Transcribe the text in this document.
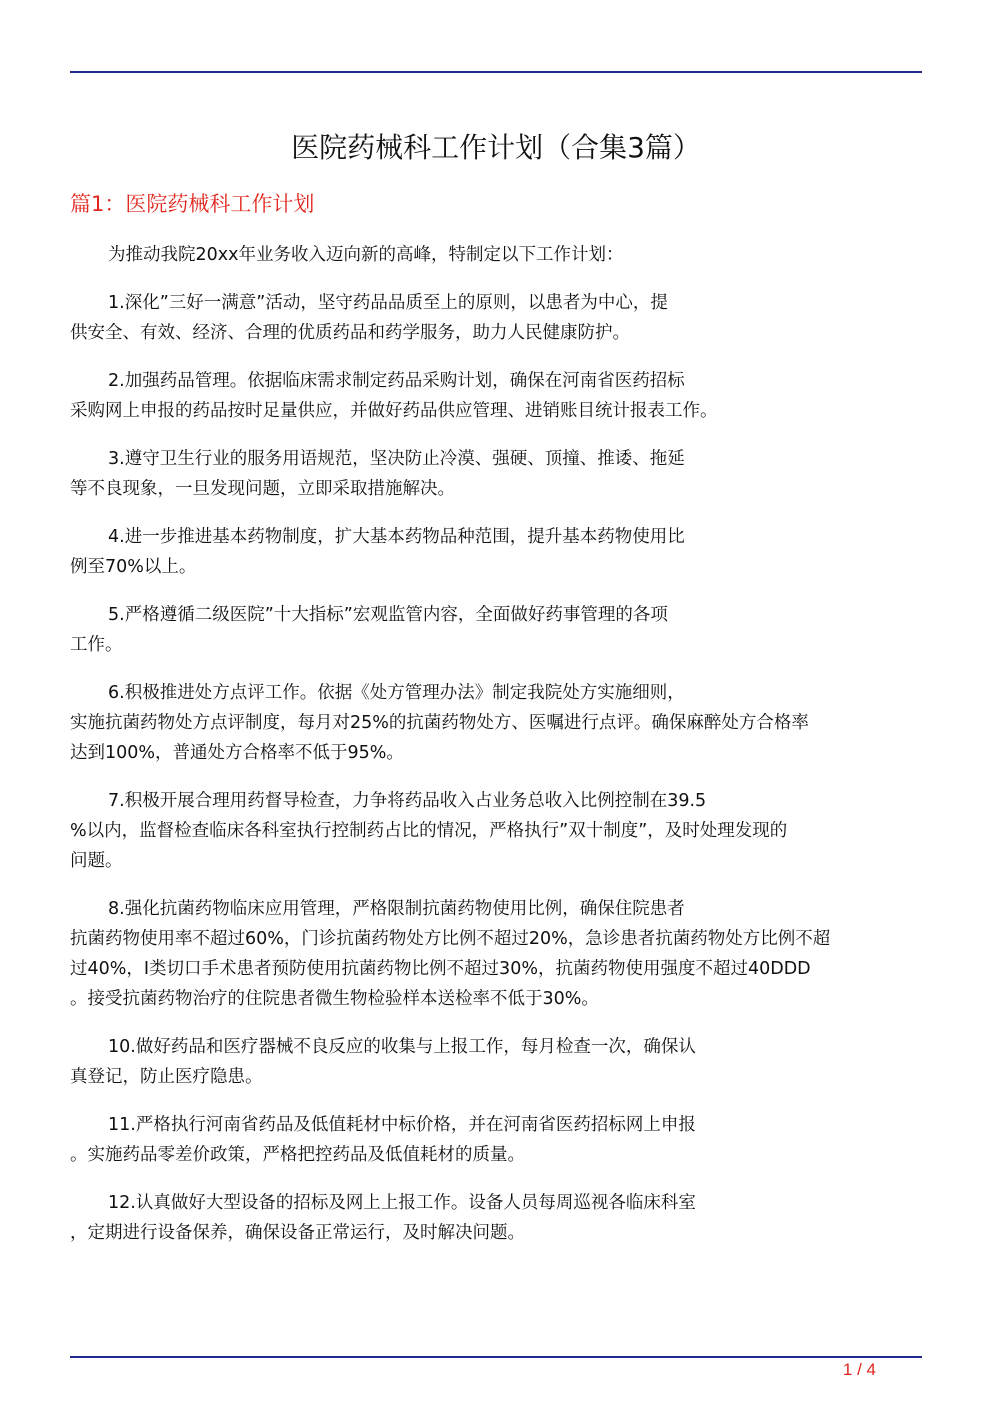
医院药械科工作计划（合集3篇）
篇1：医院药械科工作计划

为推动我院20xx年业务收入迈向新的高峰，特制定以下工作计划：

1.深化”三好一满意”活动，坚守药品品质至上的原则，以患者为中心，提
供安全、有效、经济、合理的优质药品和药学服务，助力人民健康防护。

2.加强药品管理。依据临床需求制定药品采购计划，确保在河南省医药招标
采购网上申报的药品按时足量供应，并做好药品供应管理、进销账目统计报表工作。

3.遵守卫生行业的服务用语规范，坚决防止冷漠、强硬、顶撞、推诿、拖延
等不良现象，一旦发现问题，立即采取措施解决。

4.进一步推进基本药物制度，扩大基本药物品种范围，提升基本药物使用比
例至70%以上。

5.严格遵循二级医院”十大指标”宏观监管内容，全面做好药事管理的各项
工作。

6.积极推进处方点评工作。依据《处方管理办法》制定我院处方实施细则，
实施抗菌药物处方点评制度，每月对25%的抗菌药物处方、医嘱进行点评。确保麻醉处方合格率
达到100%，普通处方合格率不低于95%。

7.积极开展合理用药督导检查，力争将药品收入占业务总收入比例控制在39.5
%以内，监督检查临床各科室执行控制药占比的情况，严格执行”双十制度”，及时处理发现的
问题。

8.强化抗菌药物临床应用管理，严格限制抗菌药物使用比例，确保住院患者
抗菌药物使用率不超过60%，门诊抗菌药物处方比例不超过20%，急诊患者抗菌药物处方比例不超
过40%，Ⅰ类切口手术患者预防使用抗菌药物比例不超过30%，抗菌药物使用强度不超过40DDD
。接受抗菌药物治疗的住院患者微生物检验样本送检率不低于30%。

10.做好药品和医疗器械不良反应的收集与上报工作，每月检查一次，确保认
真登记，防止医疗隐患。

11.严格执行河南省药品及低值耗材中标价格，并在河南省医药招标网上申报
。实施药品零差价政策，严格把控药品及低值耗材的质量。

12.认真做好大型设备的招标及网上上报工作。设备人员每周巡视各临床科室
，定期进行设备保养，确保设备正常运行，及时解决问题。

1 / 4
